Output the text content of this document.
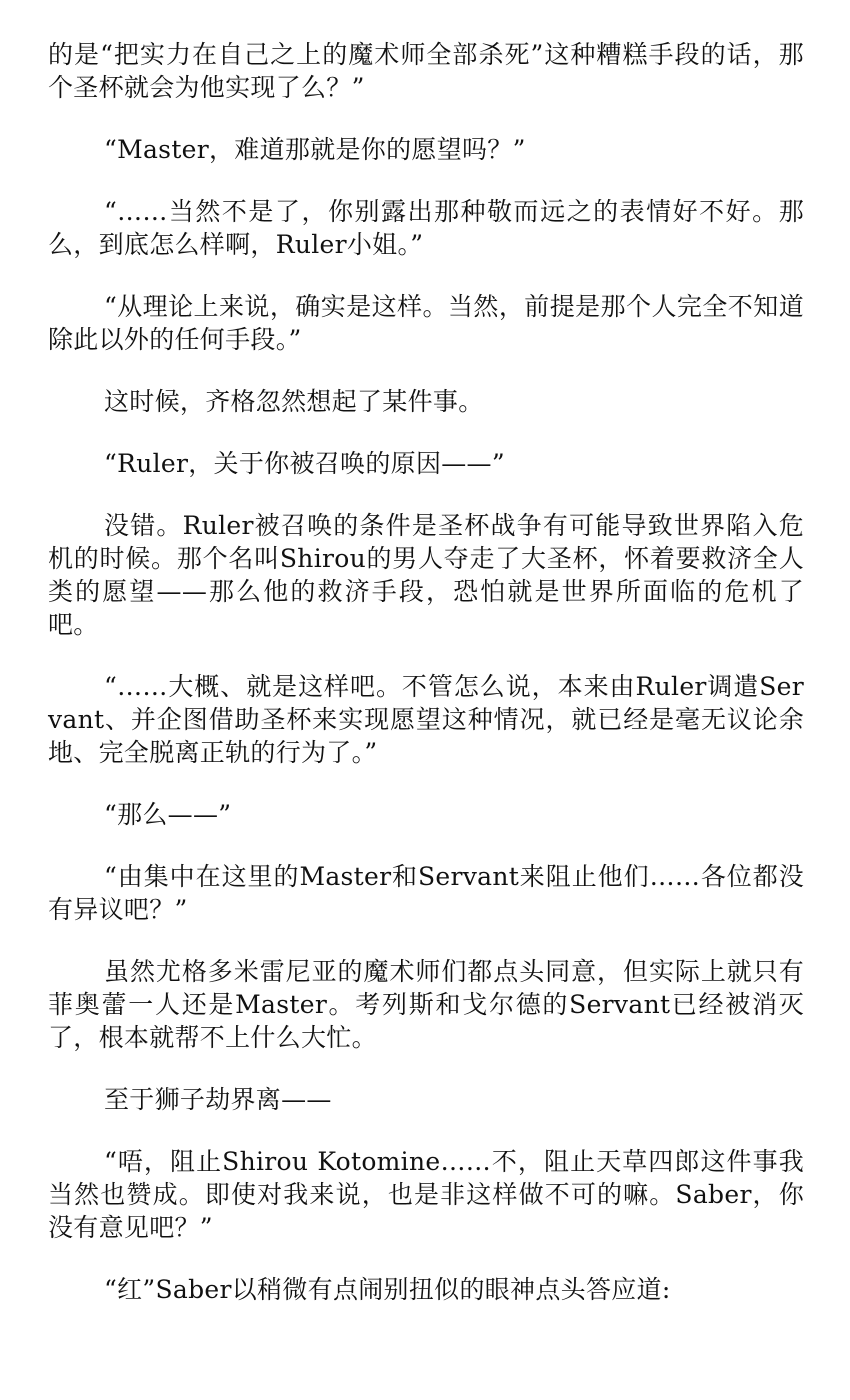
的是“把实力在自己之上的魔术师全部杀死”这种糟糕手段的话，那个圣杯就会为他实现了么？”

“Master，难道那就是你的愿望吗？”

“……当然不是了，你别露出那种敬而远之的表情好不好。那么，到底怎么样啊，Ruler小姐。”

“从理论上来说，确实是这样。当然，前提是那个人完全不知道除此以外的任何手段。”

这时候，齐格忽然想起了某件事。

“Ruler，关于你被召唤的原因——”

没错。Ruler被召唤的条件是圣杯战争有可能导致世界陷入危机的时候。那个名叫Shirou的男人夺走了大圣杯，怀着要救济全人类的愿望——那么他的救济手段，恐怕就是世界所面临的危机了吧。

“……大概、就是这样吧。不管怎么说，本来由Ruler调遣Servant、并企图借助圣杯来实现愿望这种情况，就已经是毫无议论余地、完全脱离正轨的行为了。”

“那么——”

“由集中在这里的Master和Servant来阻止他们……各位都没有异议吧？”

虽然尤格多米雷尼亚的魔术师们都点头同意，但实际上就只有菲奥蕾一人还是Master。考列斯和戈尔德的Servant已经被消灭了，根本就帮不上什么大忙。

至于狮子劫界离——

“唔，阻止Shirou Kotomine……不，阻止天草四郎这件事我当然也赞成。即使对我来说，也是非这样做不可的嘛。Saber，你没有意见吧？”

“红”Saber以稍微有点闹别扭似的眼神点头答应道:
